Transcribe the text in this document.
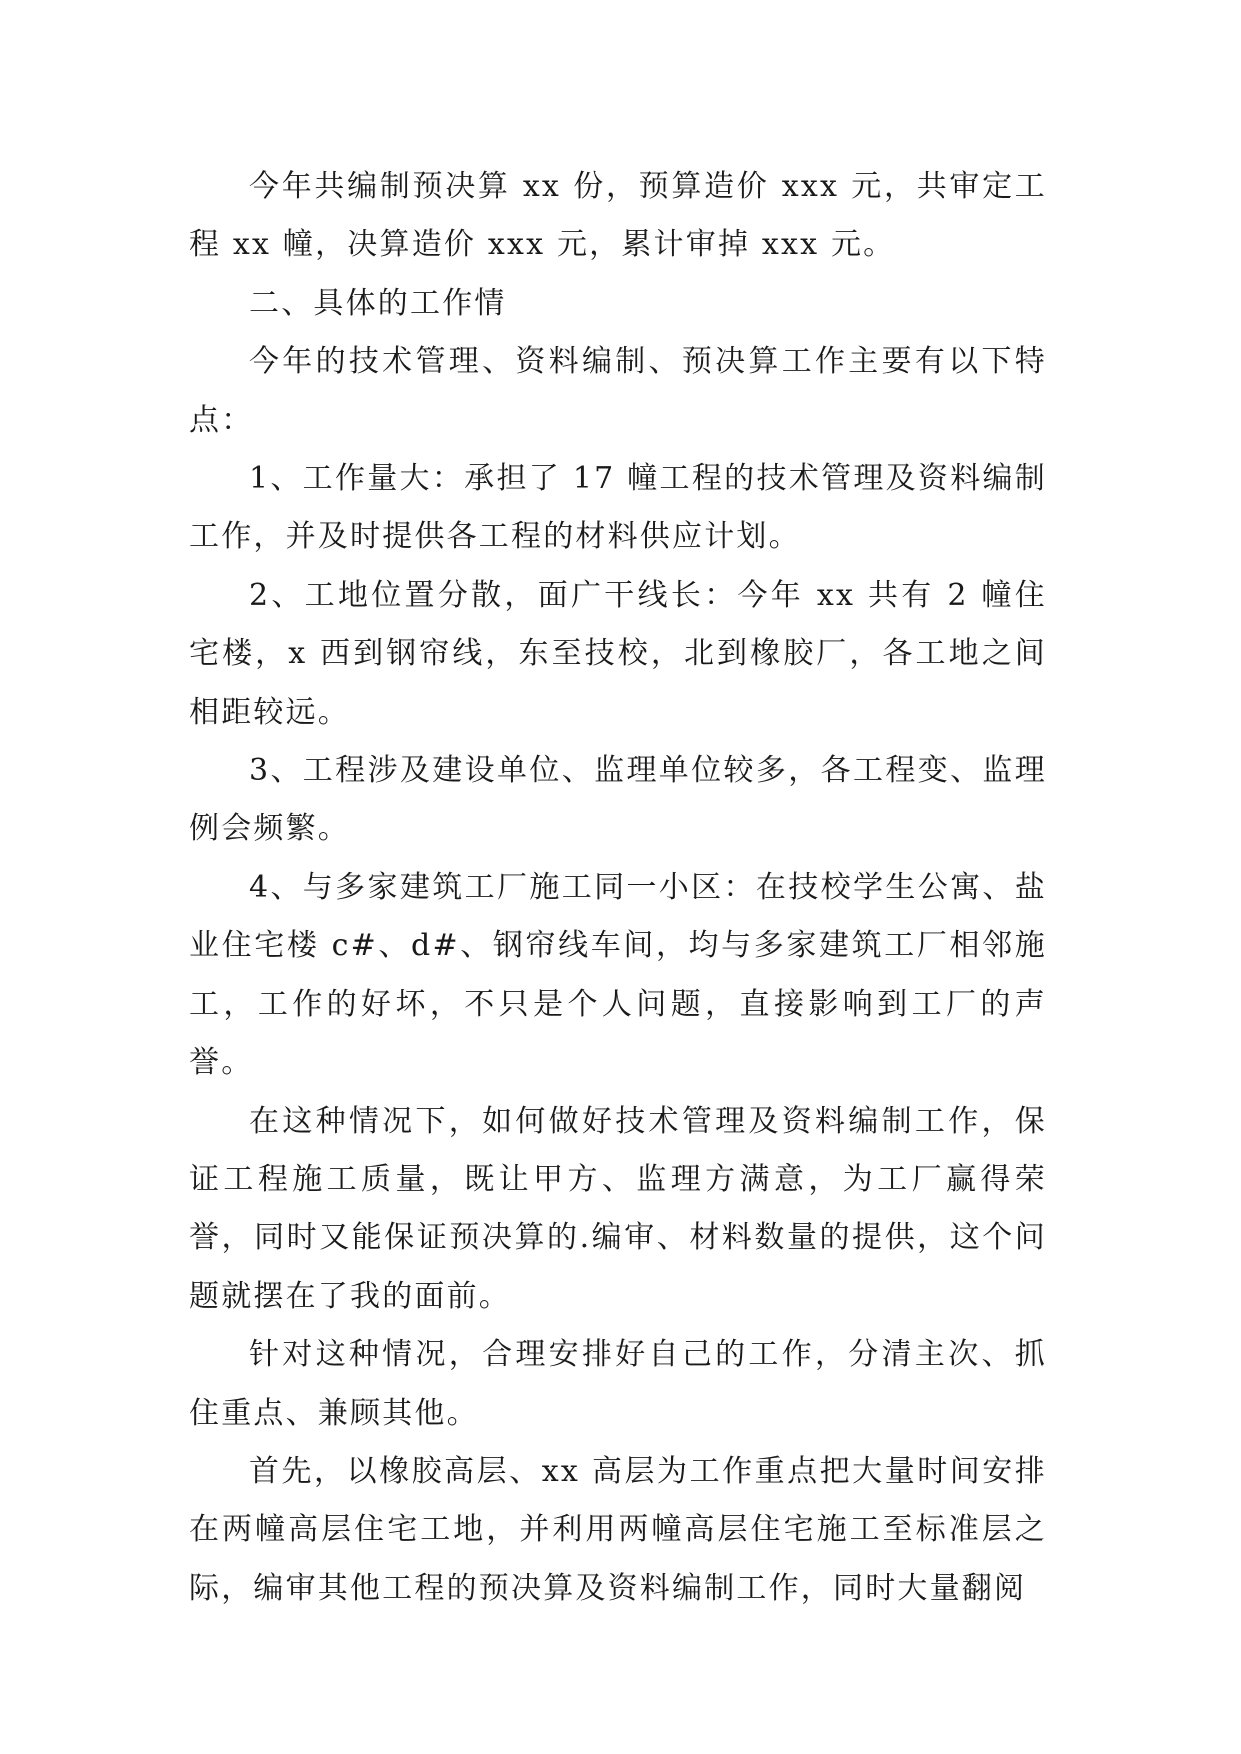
今年共编制预决算 xx 份，预算造价 xxx 元，共审定工程 xx 幢，决算造价 xxx 元，累计审掉 xxx 元。

二、具体的工作情

今年的技术管理、资料编制、预决算工作主要有以下特点：

1、工作量大：承担了 17 幢工程的技术管理及资料编制工作，并及时提供各工程的材料供应计划。

2、工地位置分散，面广干线长：今年 xx 共有 2 幢住宅楼，x 西到钢帘线，东至技校，北到橡胶厂，各工地之间相距较远。

3、工程涉及建设单位、监理单位较多，各工程变、监理例会频繁。

4、与多家建筑工厂施工同一小区：在技校学生公寓、盐业住宅楼 c#、d#、钢帘线车间，均与多家建筑工厂相邻施工，工作的好坏，不只是个人问题，直接影响到工厂的声誉。

在这种情况下，如何做好技术管理及资料编制工作，保证工程施工质量，既让甲方、监理方满意，为工厂赢得荣誉，同时又能保证预决算的.编审、材料数量的提供，这个问题就摆在了我的面前。

针对这种情况，合理安排好自己的工作，分清主次、抓住重点、兼顾其他。

首先，以橡胶高层、xx 高层为工作重点把大量时间安排在两幢高层住宅工地，并利用两幢高层住宅施工至标准层之际，编审其他工程的预决算及资料编制工作，同时大量翻阅
